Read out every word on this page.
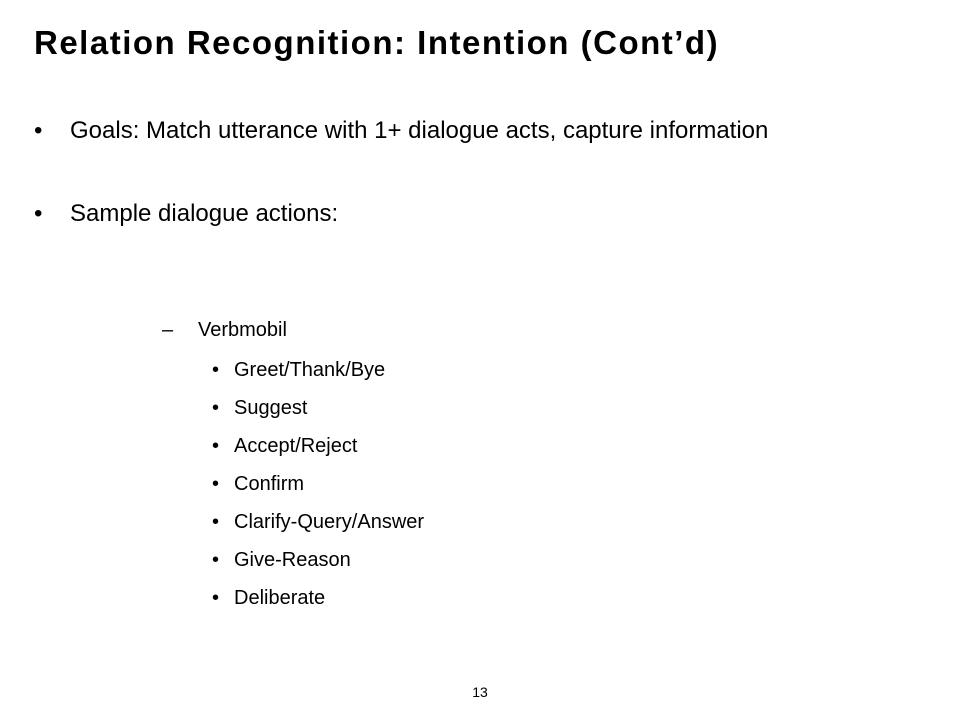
Relation Recognition: Intention (Cont’d)
•	Goals: Match utterance with 1+ dialogue acts, capture information
•	Sample dialogue actions:
–	Verbmobil
• Greet/Thank/Bye
• Suggest
• Accept/Reject
• Confirm
• Clarify-Query/Answer
• Give-Reason
• Deliberate
13
